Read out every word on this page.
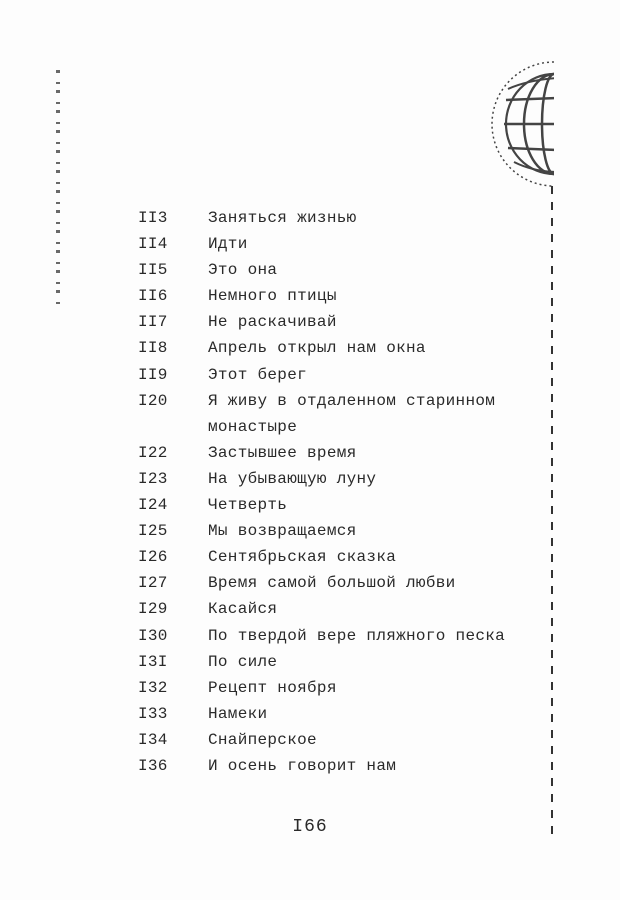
II3	Заняться жизнью
II4	Идти
II5	Это она
II6	Немного птицы
II7	Не раскачивай
II8	Апрель открыл нам окна
II9	Этот берег
I20	Я живу в отдаленном старинном монастыре
I22	Застывшее время
I23	На убывающую луну
I24	Четверть
I25	Мы возвращаемся
I26	Сентябрьская сказка
I27	Время самой большой любви
I29	Касайся
I30	По твердой вере пляжного песка
I3I	По силе
I32	Рецепт ноября
I33	Намеки
I34	Снайперское
I36	И осень говорит нам
I66
